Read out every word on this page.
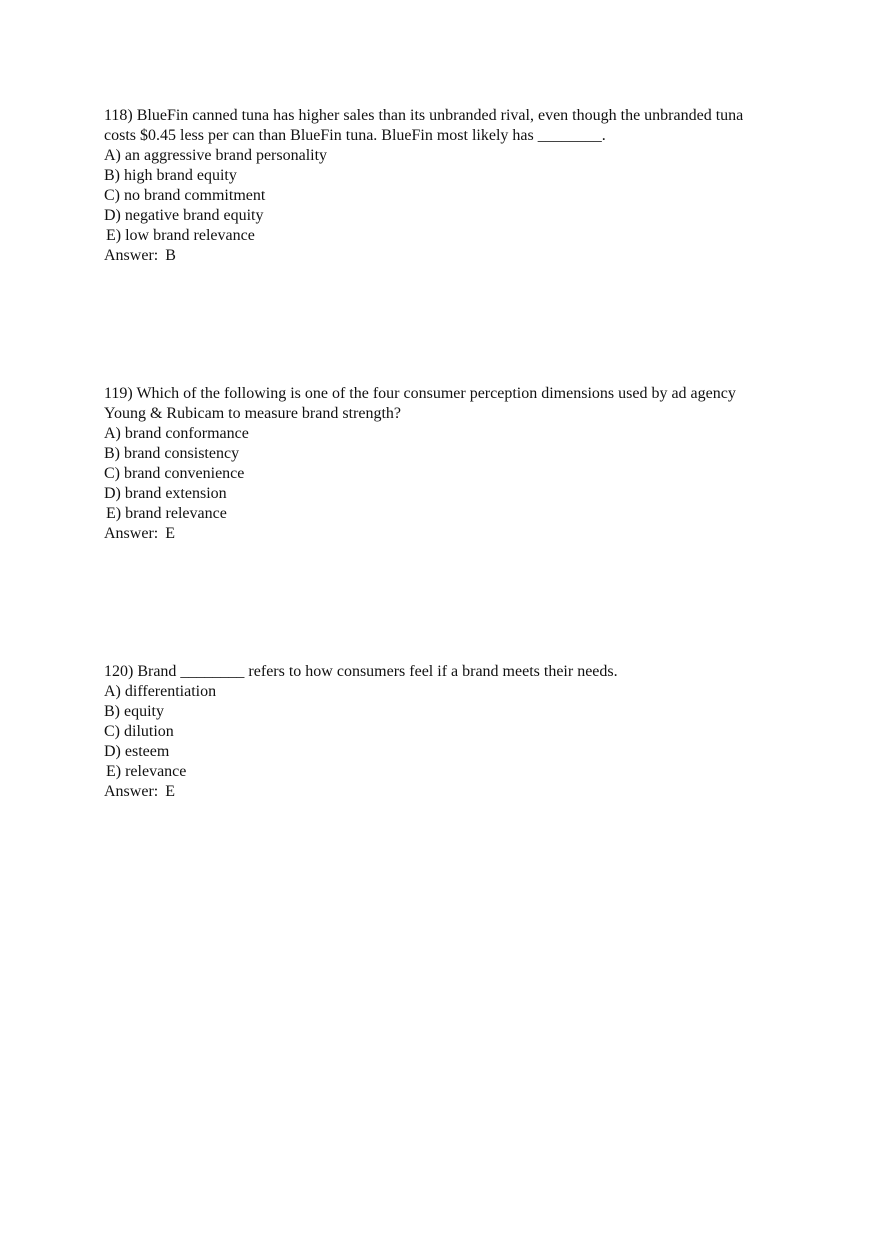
118) BlueFin canned tuna has higher sales than its unbranded rival, even though the unbranded tuna costs $0.45 less per can than BlueFin tuna. BlueFin most likely has ________.

A) an aggressive brand personality
B) high brand equity
C) no brand commitment
D) negative brand equity
E) low brand relevance

Answer: B

119) Which of the following is one of the four consumer perception dimensions used by ad agency Young & Rubicam to measure brand strength?

A) brand conformance
B) brand consistency
C) brand convenience
D) brand extension
E) brand relevance

Answer: E

120) Brand ________ refers to how consumers feel if a brand meets their needs.

A) differentiation
B) equity
C) dilution
D) esteem
E) relevance

Answer: E
